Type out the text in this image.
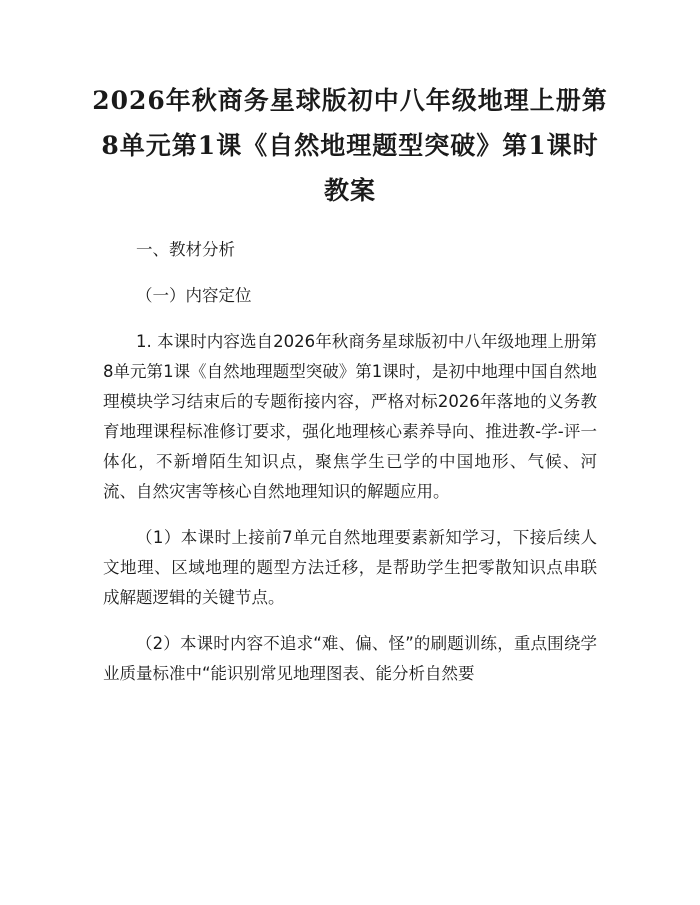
2026年秋商务星球版初中八年级地理上册第8单元第1课《自然地理题型突破》第1课时教案

一、教材分析

（一）内容定位

1. 本课时内容选自2026年秋商务星球版初中八年级地理上册第8单元第1课《自然地理题型突破》第1课时，是初中地理中国自然地理模块学习结束后的专题衔接内容，严格对标2026年落地的义务教育地理课程标准修订要求，强化地理核心素养导向、推进教-学-评一体化，不新增陌生知识点，聚焦学生已学的中国地形、气候、河流、自然灾害等核心自然地理知识的解题应用。

（1）本课时上接前7单元自然地理要素新知学习，下接后续人文地理、区域地理的题型方法迁移，是帮助学生把零散知识点串联成解题逻辑的关键节点。

（2）本课时内容不追求“难、偏、怪”的刷题训练，重点围绕学业质量标准中“能识别常见地理图表、能分析自然要
